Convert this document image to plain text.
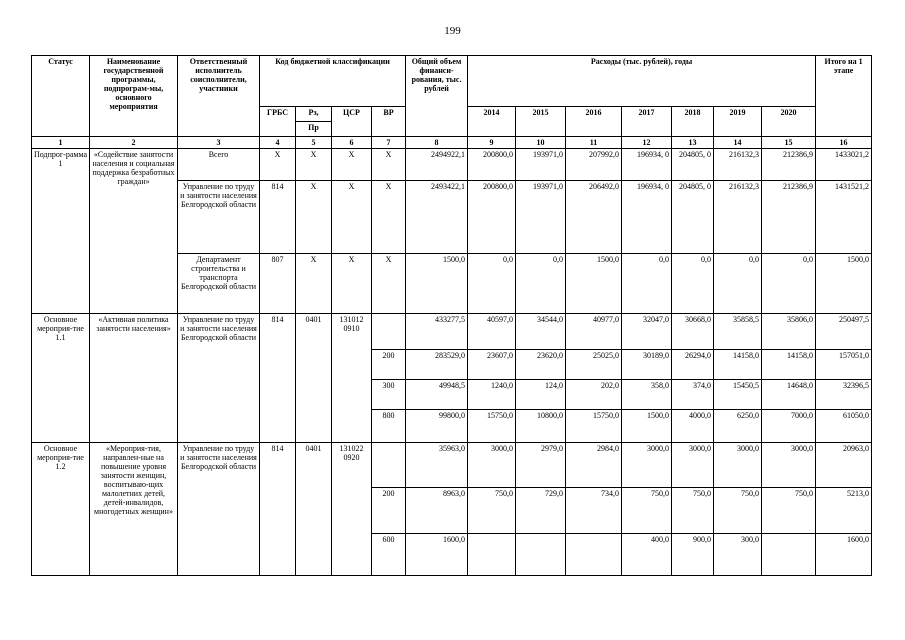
199
Статус	Наименование государственной программы, подпрограм-мы, основного мероприятия	Ответственный исполнитель соисполнители, участники	Код бюджетной классификации				Общий объем финанси-рования, тыс. рублей	Расходы (тыс. рублей), годы							Итого на 1 этапе
			ГРБС	Рз,	ЦСР	ВР		2014	2015	2016	2017	2018	2019	2020	
				Пр											
1	2	3	4	5	6	7	8	9	10	11	12	13	14	15	16
Подпрог-рамма 1	«Содействие занятости населения и социальная поддержка безработных граждан»	Всего	Х	Х	Х	Х	2494922,1	200800,0	193971,0	207992,0	196934, 0	204805, 0	216132,3	212386,9	1433021,2
		Управление по труду и занятости населения Белгородской области	814	Х	Х	Х	2493422,1	200800,0	193971,0	206492,0	196934, 0	204805, 0	216132,3	212386,9	1431521,2
		Департамент строительства и транспорта Белгородской области	807	Х	Х	Х	1500,0	0,0	0,0	1500,0	0,0	0,0	0,0	0,0	1500,0
Основное мероприя-тие 1.1	«Активная политика занятости населения»	Управление по труду и занятости населения Белгородской области	814	0401	131012 0910		433277,5	40597,0	34544,0	40977,0	32047,0	30668,0	35858,5	35806,0	250497,5
						200	283529,0	23607,0	23620,0	25025,0	30189,0	26294,0	14158,0	14158,0	157051,0
						300	49948,5	1240,0	124,0	202,0	358,0	374,0	15450,5	14648,0	32396,5
						800	99800,0	15750,0	10800,0	15750,0	1500,0	4000,0	6250,0	7000,0	61050,0
Основное мероприя-тие 1.2	«Мероприя-тия, направлен-ные на повышение уровня занятости женщин, воспитываю-щих малолетних детей, детей-инвалидов, многодетных женщин»	Управление по труду и занятости населения Белгородской области	814	0401	131022 0920		35963,0	3000,0	2979,0	2984,0	3000,0	3000,0	3000,0	3000,0	20963,0
						200	8963,0	750,0	729,0	734,0	750,0	750,0	750,0	750,0	5213,0
						600	1600,0				400,0	900,0	300,0		1600,0
